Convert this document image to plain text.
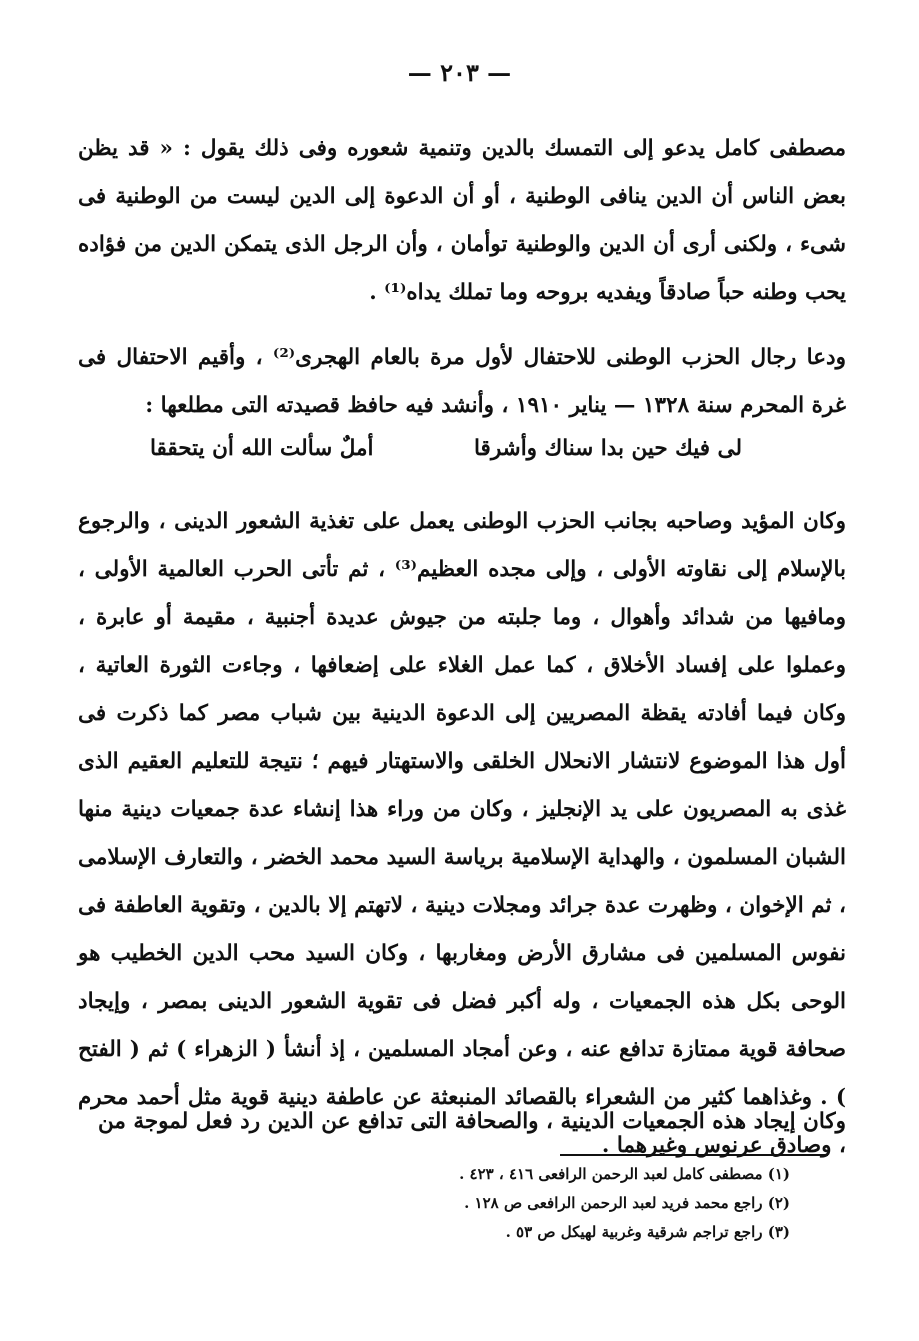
— ٢٠٣ —

مصطفى كامل يدعو إلى التمسك بالدين وتنمية شعوره وفى ذلك يقول : « قد يظن بعض الناس أن الدين ينافى الوطنية ، أو أن الدعوة إلى الدين ليست من الوطنية فى شىء ، ولكنى أرى أن الدين والوطنية توأمان ، وأن الرجل الذى يتمكن الدين من فؤاده يحب وطنه حباً صادقاً ويفديه بروحه وما تملك يداه⁽¹⁾ .

ودعا رجال الحزب الوطنى للاحتفال لأول مرة بالعام الهجرى⁽²⁾ ، وأقيم الاحتفال فى غرة المحرم سنة ١٣٢٨ — يناير ١٩١٠ ، وأنشد فيه حافظ قصيدته التى مطلعها :

لى فيك حين بدا سناك وأشرقا
أملٌ سألت الله أن يتحققا

وكان المؤيد وصاحبه بجانب الحزب الوطنى يعمل على تغذية الشعور الدينى ، والرجوع بالإسلام إلى نقاوته الأولى ، وإلى مجده العظيم⁽³⁾ ، ثم تأتى الحرب العالمية الأولى ، ومافيها من شدائد وأهوال ، وما جلبته من جيوش عديدة أجنبية ، مقيمة أو عابرة ، وعملوا على إفساد الأخلاق ، كما عمل الغلاء على إضعافها ، وجاءت الثورة العاتية ، وكان فيما أفادته يقظة المصريين إلى الدعوة الدينية بين شباب مصر كما ذكرت فى أول هذا الموضوع لانتشار الانحلال الخلقى والاستهتار فيهم ؛ نتيجة للتعليم العقيم الذى غذى به المصريون على يد الإنجليز ، وكان من وراء هذا إنشاء عدة جمعيات دينية منها الشبان المسلمون ، والهداية الإسلامية برياسة السيد محمد الخضر ، والتعارف الإسلامى ، ثم الإخوان ، وظهرت عدة جرائد ومجلات دينية ، لاتهتم إلا بالدين ، وتقوية العاطفة فى نفوس المسلمين فى مشارق الأرض ومغاربها ، وكان السيد محب الدين الخطيب هو الوحى بكل هذه الجمعيات ، وله أكبر فضل فى تقوية الشعور الدينى بمصر ، وإيجاد صحافة قوية ممتازة تدافع عنه ، وعن أمجاد المسلمين ، إذ أنشأ ( الزهراء ) ثم ( الفتح ) . وغذاهما كثير من الشعراء بالقصائد المنبعثة عن عاطفة دينية قوية مثل أحمد محرم ، وصادق عرنوس وغيرهما .

وكان إيجاد هذه الجمعيات الدينية ، والصحافة التى تدافع عن الدين رد فعل لموجة من

(١) مصطفى كامل لعبد الرحمن الرافعى ٤١٦ ، ٤٢٣ .
(٢) راجع محمد فريد لعبد الرحمن الرافعى ص ١٢٨ .
(٣) راجع تراجم شرقية وغربية لهيكل ص ٥٣ .
